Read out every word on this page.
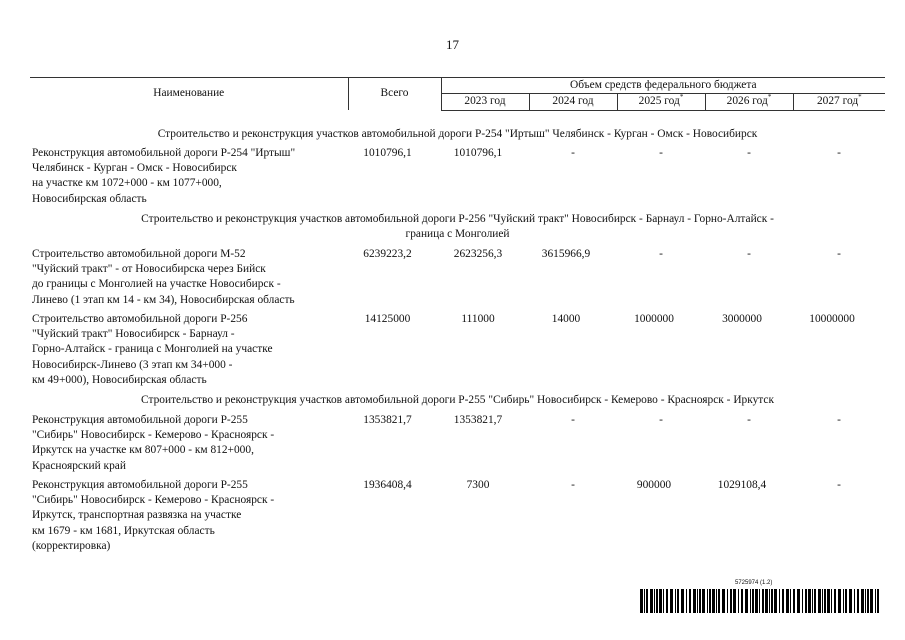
17
Наименование	Всего	Объем средств федерального бюджета				
		2023 год	2024 год	2025 год*	2026 год*	2027 год*

Строительство и реконструкция участков автомобильной дороги Р-254 "Иртыш" Челябинск - Курган - Омск - Новосибирск						
Реконструкция автомобильной дороги Р-254 "Иртыш"
Челябинск - Курган - Омск - Новосибирск
на участке км 1072+000 - км 1077+000,
Новосибирская область	1010796,1	1010796,1	-	-	-	-
Строительство и реконструкция участков автомобильной дороги Р-256 "Чуйский тракт" Новосибирск - Барнаул - Горно-Алтайск -
граница с Монголией						
Строительство автомобильной дороги М-52
"Чуйский тракт" - от Новосибирска через Бийск
до границы с Монголией на участке Новосибирск -
Линево (1 этап км 14 - км 34), Новосибирская область	6239223,2	2623256,3	3615966,9	-	-	-
Строительство автомобильной дороги Р-256
"Чуйский тракт" Новосибирск - Барнаул -
Горно-Алтайск - граница с Монголией на участке
Новосибирск-Линево (3 этап км 34+000 -
км 49+000), Новосибирская область	14125000	111000	14000	1000000	3000000	10000000
Строительство и реконструкция участков автомобильной дороги Р-255 "Сибирь" Новосибирск - Кемерово - Красноярск - Иркутск						
Реконструкция автомобильной дороги Р-255
"Сибирь" Новосибирск - Кемерово - Красноярск -
Иркутск на участке км 807+000 - км 812+000,
Красноярский край	1353821,7	1353821,7	-	-	-	-
Реконструкция автомобильной дороги Р-255
"Сибирь" Новосибирск - Кемерово - Красноярск -
Иркутск, транспортная развязка на участке
км 1679 - км 1681, Иркутская область
(корректировка)	1936408,4	7300	-	900000	1029108,4	-
5725974 (1.2)
